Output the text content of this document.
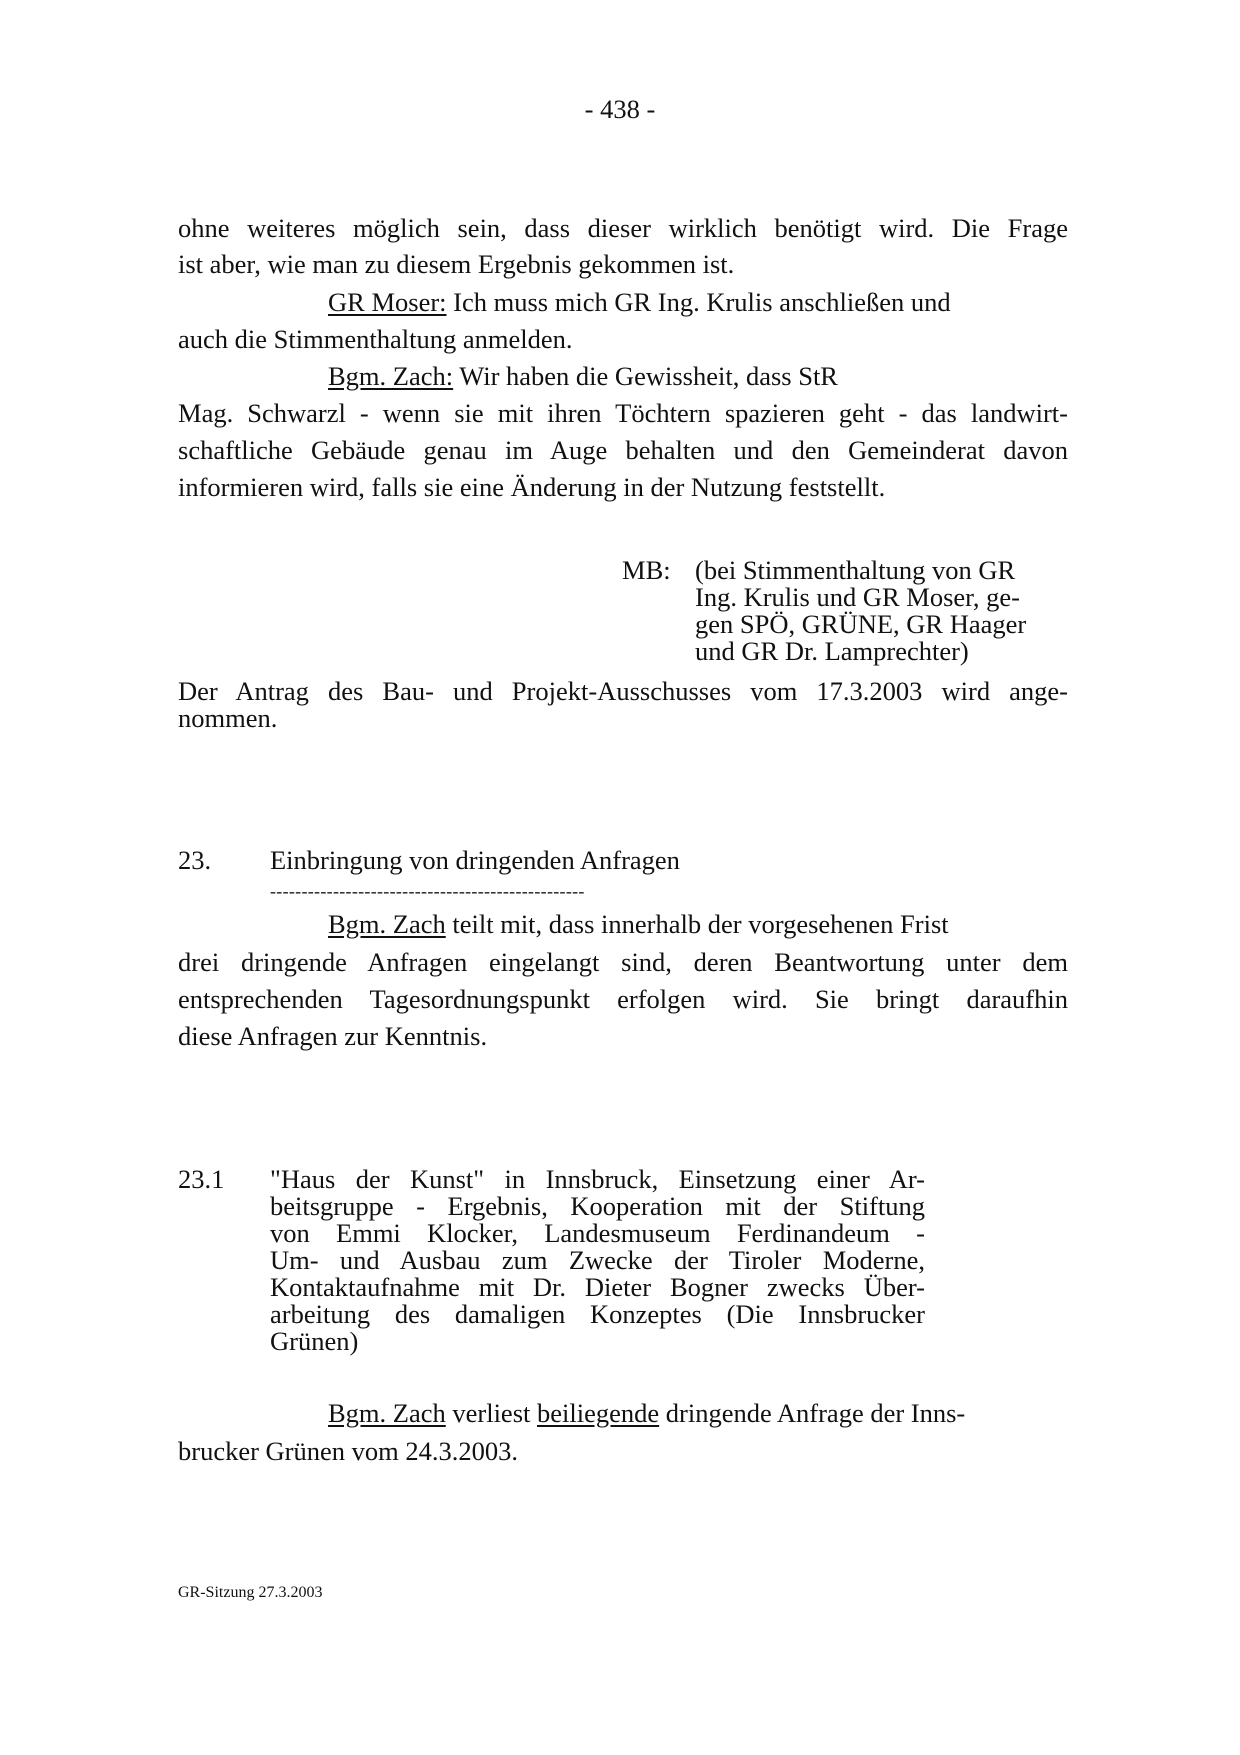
- 438 -
ohne weiteres möglich sein, dass dieser wirklich benötigt wird. Die Frage
ist aber, wie man zu diesem Ergebnis gekommen ist.
GR Moser: Ich muss mich GR Ing. Krulis anschließen und
auch die Stimmenthaltung anmelden.
Bgm. Zach: Wir haben die Gewissheit, dass StR
Mag. Schwarzl - wenn sie mit ihren Töchtern spazieren geht - das landwirt-
schaftliche Gebäude genau im Auge behalten und den Gemeinderat davon
informieren wird, falls sie eine Änderung in der Nutzung feststellt.
MB: (bei Stimmenthaltung von GR
Ing. Krulis und GR Moser, ge-
gen SPÖ, GRÜNE, GR Haager
und GR Dr. Lamprechter)
Der Antrag des Bau- und Projekt-Ausschusses vom 17.3.2003 wird ange-
nommen.
23. Einbringung von dringenden Anfragen
--------------------------------------------------
Bgm. Zach teilt mit, dass innerhalb der vorgesehenen Frist
drei dringende Anfragen eingelangt sind, deren Beantwortung unter dem
entsprechenden Tagesordnungspunkt erfolgen wird. Sie bringt daraufhin
diese Anfragen zur Kenntnis.
23.1 "Haus der Kunst" in Innsbruck, Einsetzung einer Ar-
beitsgruppe - Ergebnis, Kooperation mit der Stiftung
von Emmi Klocker, Landesmuseum Ferdinandeum -
Um- und Ausbau zum Zwecke der Tiroler Moderne,
Kontaktaufnahme mit Dr. Dieter Bogner zwecks Über-
arbeitung des damaligen Konzeptes (Die Innsbrucker
Grünen)
Bgm. Zach verliest beiliegende dringende Anfrage der Inns-
brucker Grünen vom 24.3.2003.
GR-Sitzung 27.3.2003
